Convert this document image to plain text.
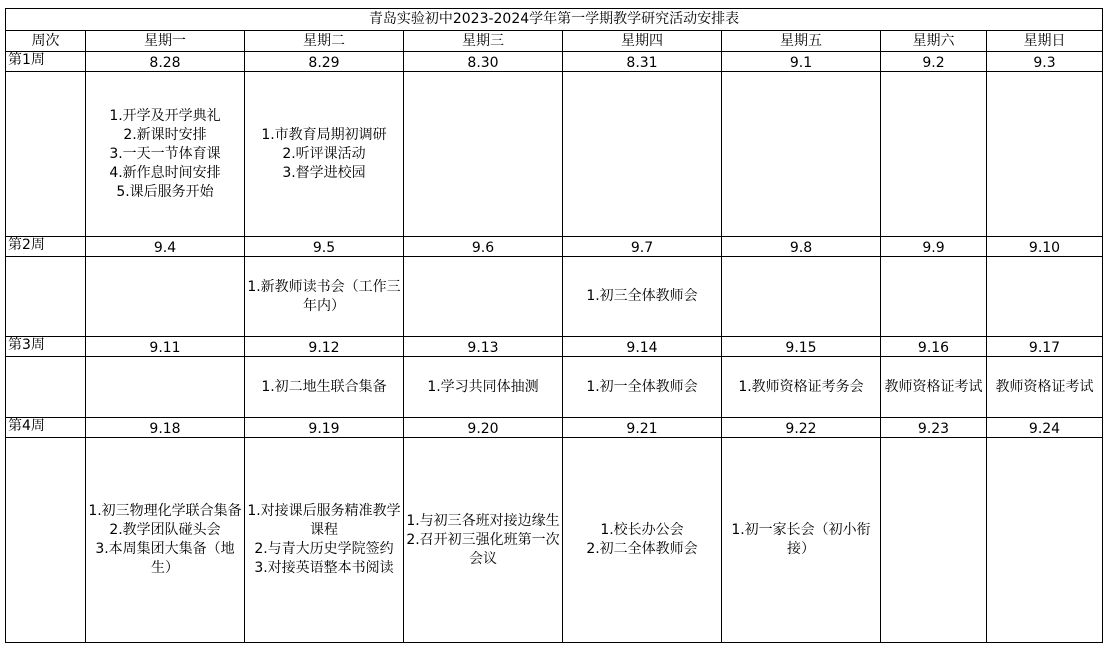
青岛实验初中2023-2024学年第一学期教学研究活动安排表							
周次	星期一	星期二	星期三	星期四	星期五	星期六	星期日
第1周	8.28	8.29	8.30	8.31	9.1	9.2	9.3

	1.开学及开学典礼
2.新课时安排
3.一天一节体育课
4.新作息时间安排
5.课后服务开始	1.市教育局期初调研
2.听评课活动
3.督学进校园					

第2周	9.4	9.5	9.6	9.7	9.8	9.9	9.10

		1.新教师读书会（工作三年内）		1.初三全体教师会			

第3周	9.11	9.12	9.13	9.14	9.15	9.16	9.17

		1.初二地生联合集备	1.学习共同体抽测	1.初一全体教师会	1.教师资格证考务会	教师资格证考试	教师资格证考试

第4周	9.18	9.19	9.20	9.21	9.22	9.23	9.24

	1.初三物理化学联合集备
2.教学团队碰头会
3.本周集团大集备（地生）	1.对接课后服务精准教学课程
2.与青大历史学院签约
3.对接英语整本书阅读	1.与初三各班对接边缘生
2.召开初三强化班第一次会议	1.校长办公会
2.初二全体教师会	1.初一家长会（初小衔接）		
